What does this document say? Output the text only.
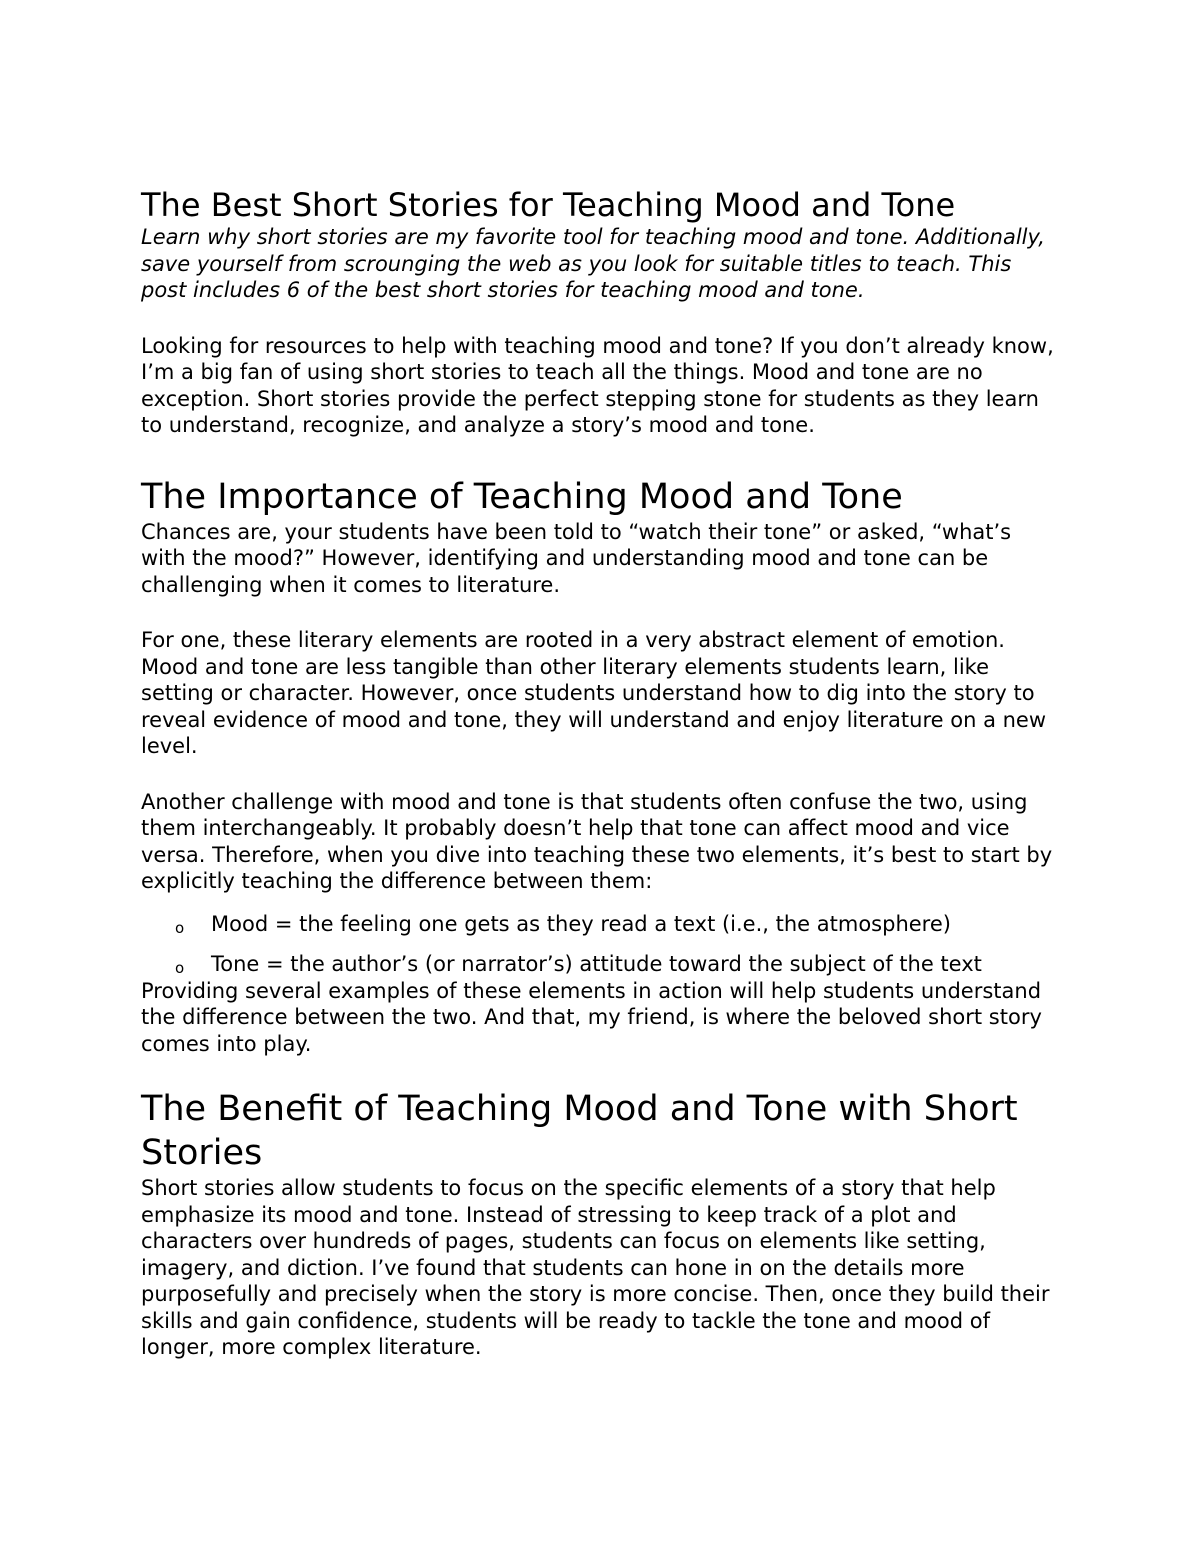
The Best Short Stories for Teaching Mood and Tone

Learn why short stories are my favorite tool for teaching mood and tone. Additionally, save yourself from scrounging the web as you look for suitable titles to teach. This post includes 6 of the best short stories for teaching mood and tone.

Looking for resources to help with teaching mood and tone? If you don’t already know, I’m a big fan of using short stories to teach all the things. Mood and tone are no exception. Short stories provide the perfect stepping stone for students as they learn to understand, recognize, and analyze a story’s mood and tone.

The Importance of Teaching Mood and Tone

Chances are, your students have been told to “watch their tone” or asked, “what’s with the mood?” However, identifying and understanding mood and tone can be challenging when it comes to literature.

For one, these literary elements are rooted in a very abstract element of emotion. Mood and tone are less tangible than other literary elements students learn, like setting or character. However, once students understand how to dig into the story to reveal evidence of mood and tone, they will understand and enjoy literature on a new level.

Another challenge with mood and tone is that students often confuse the two, using them interchangeably. It probably doesn’t help that tone can affect mood and vice versa. Therefore, when you dive into teaching these two elements, it’s best to start by explicitly teaching the difference between them:

o Mood = the feeling one gets as they read a text (i.e., the atmosphere)
o Tone = the author’s (or narrator’s) attitude toward the subject of the text

Providing several examples of these elements in action will help students understand the difference between the two. And that, my friend, is where the beloved short story comes into play.

The Benefit of Teaching Mood and Tone with Short Stories

Short stories allow students to focus on the specific elements of a story that help emphasize its mood and tone. Instead of stressing to keep track of a plot and characters over hundreds of pages, students can focus on elements like setting, imagery, and diction. I’ve found that students can hone in on the details more purposefully and precisely when the story is more concise. Then, once they build their skills and gain confidence, students will be ready to tackle the tone and mood of longer, more complex literature.
